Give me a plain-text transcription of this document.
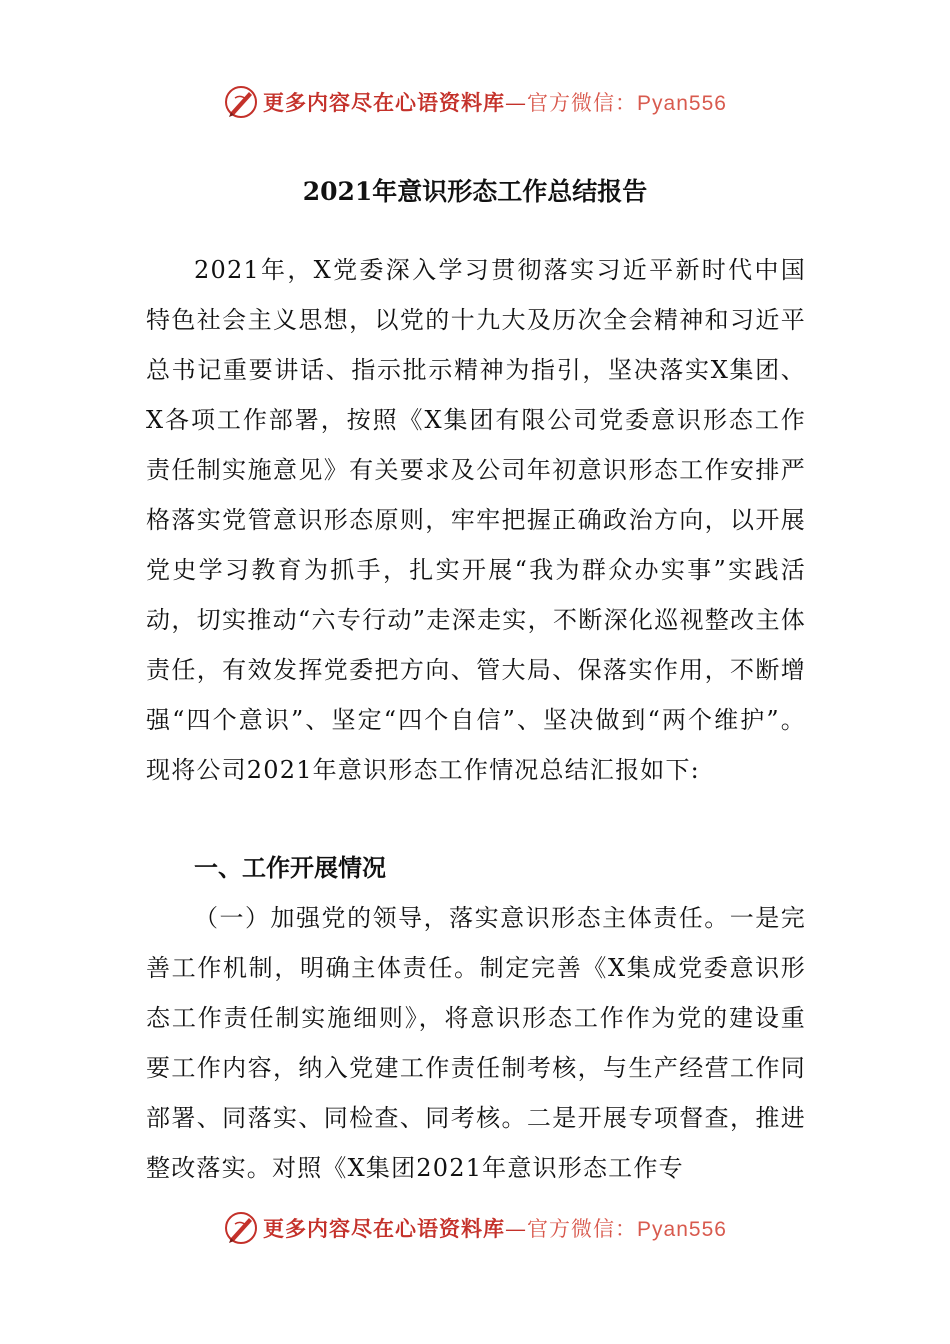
更多内容尽在心语资料库—官方微信：Pyan556
2021年意识形态工作总结报告

2021年，X党委深入学习贯彻落实习近平新时代中国特色社会主义思想，以党的十九大及历次全会精神和习近平总书记重要讲话、指示批示精神为指引，坚决落实X集团、X各项工作部署，按照《X集团有限公司党委意识形态工作责任制实施意见》有关要求及公司年初意识形态工作安排严格落实党管意识形态原则，牢牢把握正确政治方向，以开展党史学习教育为抓手，扎实开展“我为群众办实事”实践活动，切实推动“六专行动”走深走实，不断深化巡视整改主体责任，有效发挥党委把方向、管大局、保落实作用，不断增强“四个意识”、坚定“四个自信”、坚决做到“两个维护”。现将公司2021年意识形态工作情况总结汇报如下:

一、工作开展情况

（一）加强党的领导，落实意识形态主体责任。一是完善工作机制，明确主体责任。制定完善《X集成党委意识形态工作责任制实施细则》，将意识形态工作作为党的建设重要工作内容，纳入党建工作责任制考核，与生产经营工作同部署、同落实、同检查、同考核。二是开展专项督查，推进整改落实。对照《X集团2021年意识形态工作专

更多内容尽在心语资料库—官方微信：Pyan556
